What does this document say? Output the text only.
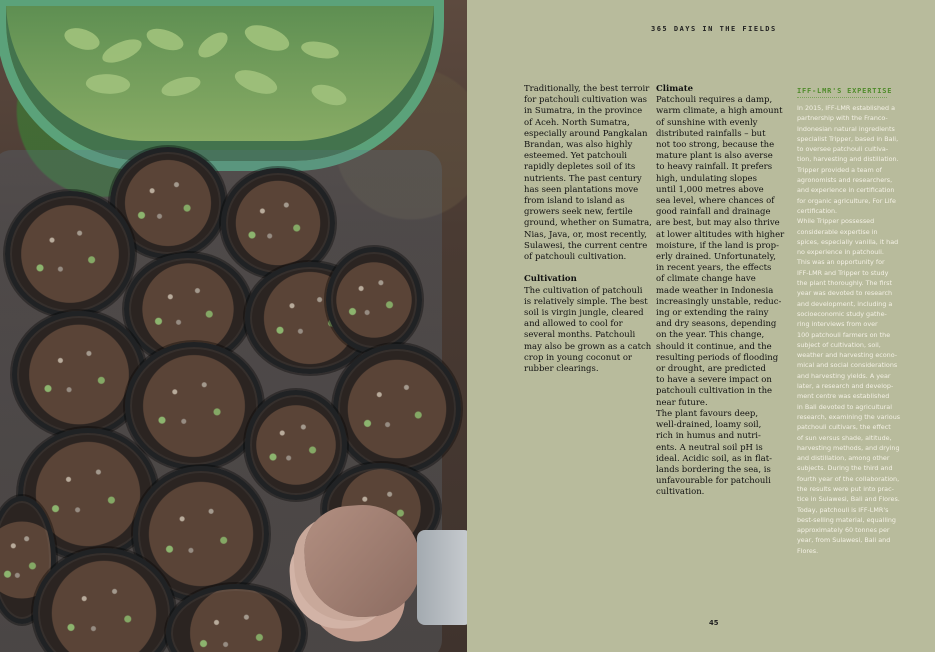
365 DAYS IN THE FIELDS
Traditionally, the best terroir
for patchouli cultivation was
in Sumatra, in the province
of Aceh. North Sumatra,
especially around Pangkalan
Brandan, was also highly
esteemed. Yet patchouli
rapidly depletes soil of its
nutrients. The past century
has seen plantations move
from island to island as
growers seek new, fertile
ground, whether on Sumatra,
Nias, Java, or, most recently,
Sulawesi, the current centre
of patchouli cultivation.
Cultivation
The cultivation of patchouli
is relatively simple. The best
soil is virgin jungle, cleared
and allowed to cool for
several months. Patchouli
may also be grown as a catch
crop in young coconut or
rubber clearings.
Climate
Patchouli requires a damp,
warm climate, a high amount
of sunshine with evenly
distributed rainfalls – but
not too strong, because the
mature plant is also averse
to heavy rainfall. It prefers
high, undulating slopes
until 1,000 metres above
sea level, where chances of
good rainfall and drainage
are best, but may also thrive
at lower altitudes with higher
moisture, if the land is prop-
erly drained. Unfortunately,
in recent years, the effects
of climate change have
made weather in Indonesia
increasingly unstable, reduc-
ing or extending the rainy
and dry seasons, depending
on the year. This change,
should it continue, and the
resulting periods of flooding
or drought, are predicted
to have a severe impact on
patchouli cultivation in the
near future.
The plant favours deep,
well-drained, loamy soil,
rich in humus and nutri-
ents. A neutral soil pH is
ideal. Acidic soil, as in flat-
lands bordering the sea, is
unfavourable for patchouli
cultivation.
IFF-LMR'S EXPERTISE
In 2015, IFF-LMR established a
partnership with the Franco-
Indonesian natural ingredients
specialist Tripper, based in Bali,
to oversee patchouli cultiva-
tion, harvesting and distillation.
Tripper provided a team of
agronomists and researchers,
and experience in certification
for organic agriculture, For Life
certification.
While Tripper possessed
considerable expertise in
spices, especially vanilla, it had
no experience in patchouli.
This was an opportunity for
IFF-LMR and Tripper to study
the plant thoroughly. The first
year was devoted to research
and development, including a
socioeconomic study gathe-
ring interviews from over
100 patchouli farmers on the
subject of cultivation, soil,
weather and harvesting econo-
mical and social considerations
and harvesting yields. A year
later, a research and develop-
ment centre was established
in Bali devoted to agricultural
research, examining the various
patchouli cultivars, the effect
of sun versus shade, altitude,
harvesting methods, and drying
and distillation, among other
subjects. During the third and
fourth year of the collaboration,
the results were put into prac-
tice in Sulawesi, Bali and Flores.
Today, patchouli is IFF-LMR's
best-selling material, equalling
approximately 60 tonnes per
year, from Sulawesi, Bali and
Flores.
45
